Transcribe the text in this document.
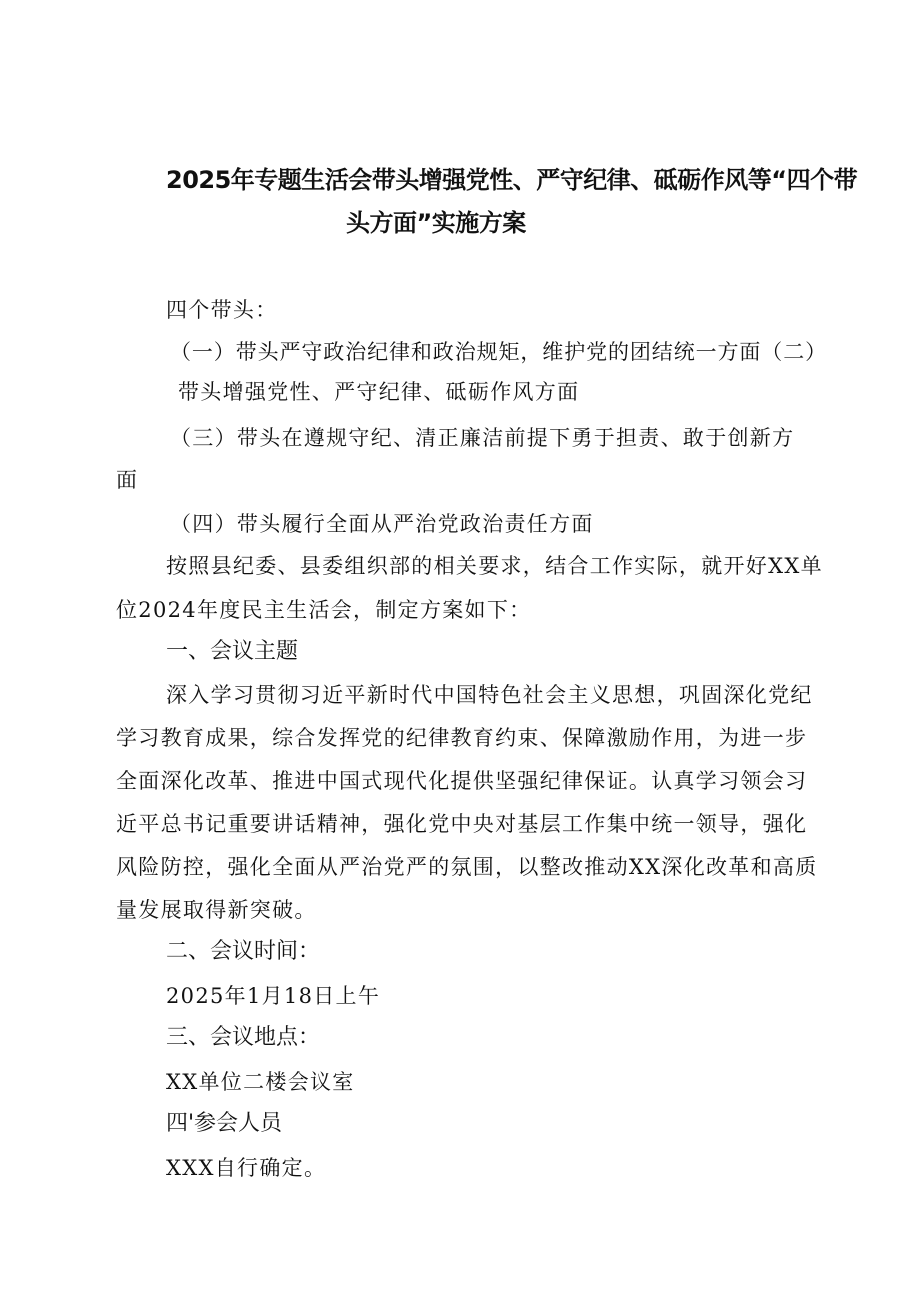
2025年专题生活会带头增强党性、严守纪律、砥砺作风等“四个带
头方面”实施方案
四个带头：
（一）带头严守政治纪律和政治规矩，维护党的团结统一方面（二）
带头增强党性、严守纪律、砥砺作风方面
（三）带头在遵规守纪、清正廉洁前提下勇于担责、敢于创新方
面
（四）带头履行全面从严治党政治责任方面
按照县纪委、县委组织部的相关要求，结合工作实际，就开好XX单
位2024年度民主生活会，制定方案如下：
一、会议主题
深入学习贯彻习近平新时代中国特色社会主义思想，巩固深化党纪
学习教育成果，综合发挥党的纪律教育约束、保障激励作用，为进一步
全面深化改革、推进中国式现代化提供坚强纪律保证。认真学习领会习
近平总书记重要讲话精神，强化党中央对基层工作集中统一领导，强化
风险防控，强化全面从严治党严的氛围，以整改推动XX深化改革和高质
量发展取得新突破。
二、会议时间：
2025年1月18日上午
三、会议地点：
XX单位二楼会议室
四'参会人员
XXX自行确定。
